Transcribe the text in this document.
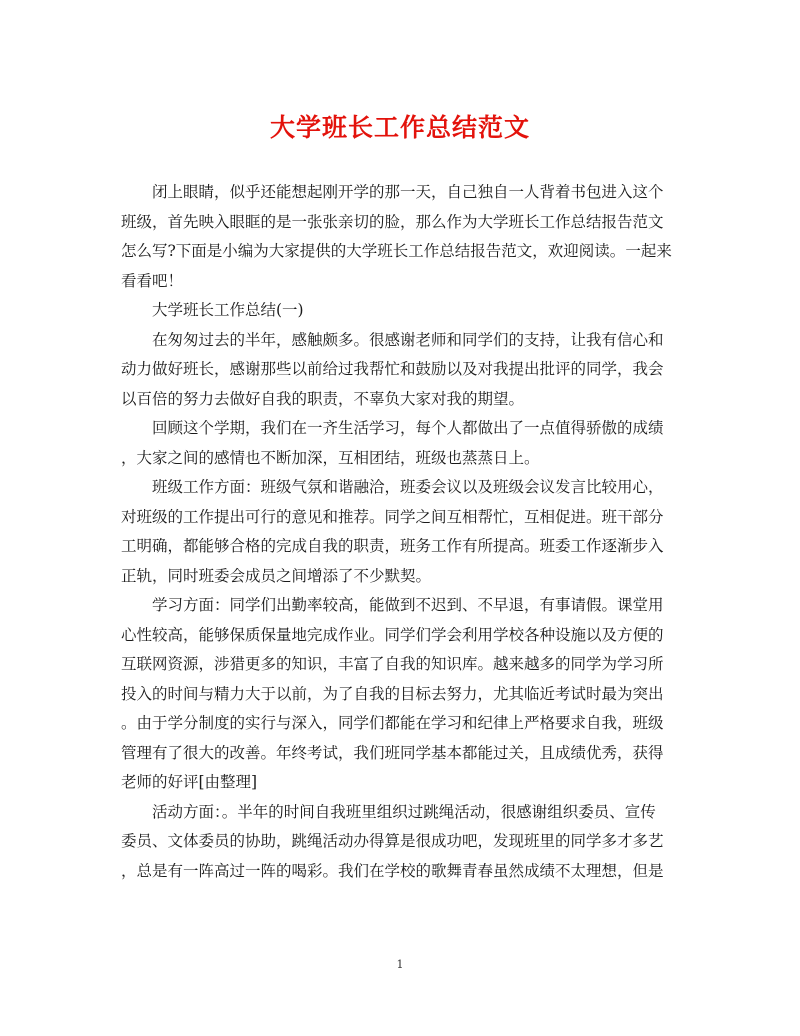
大学班长工作总结范文

闭上眼睛，似乎还能想起刚开学的那一天，自己独自一人背着书包进入这个
班级，首先映入眼眶的是一张张亲切的脸，那么作为大学班长工作总结报告范文
怎么写?下面是小编为大家提供的大学班长工作总结报告范文，欢迎阅读。一起来
看看吧！

大学班长工作总结(一)

在匆匆过去的半年，感触颇多。很感谢老师和同学们的支持，让我有信心和
动力做好班长，感谢那些以前给过我帮忙和鼓励以及对我提出批评的同学，我会
以百倍的努力去做好自我的职责，不辜负大家对我的期望。

回顾这个学期，我们在一齐生活学习，每个人都做出了一点值得骄傲的成绩
，大家之间的感情也不断加深，互相团结，班级也蒸蒸日上。

班级工作方面：班级气氛和谐融洽，班委会议以及班级会议发言比较用心，
对班级的工作提出可行的意见和推荐。同学之间互相帮忙，互相促进。班干部分
工明确，都能够合格的完成自我的职责，班务工作有所提高。班委工作逐渐步入
正轨，同时班委会成员之间增添了不少默契。

学习方面：同学们出勤率较高，能做到不迟到、不早退，有事请假。课堂用
心性较高，能够保质保量地完成作业。同学们学会利用学校各种设施以及方便的
互联网资源，涉猎更多的知识，丰富了自我的知识库。越来越多的同学为学习所
投入的时间与精力大于以前，为了自我的目标去努力，尤其临近考试时最为突出
。由于学分制度的实行与深入，同学们都能在学习和纪律上严格要求自我，班级
管理有了很大的改善。年终考试，我们班同学基本都能过关，且成绩优秀，获得
老师的好评[由整理]

活动方面：。半年的时间自我班里组织过跳绳活动，很感谢组织委员、宣传
委员、文体委员的协助，跳绳活动办得算是很成功吧，发现班里的同学多才多艺
，总是有一阵高过一阵的喝彩。我们在学校的歌舞青春虽然成绩不太理想，但是

1
